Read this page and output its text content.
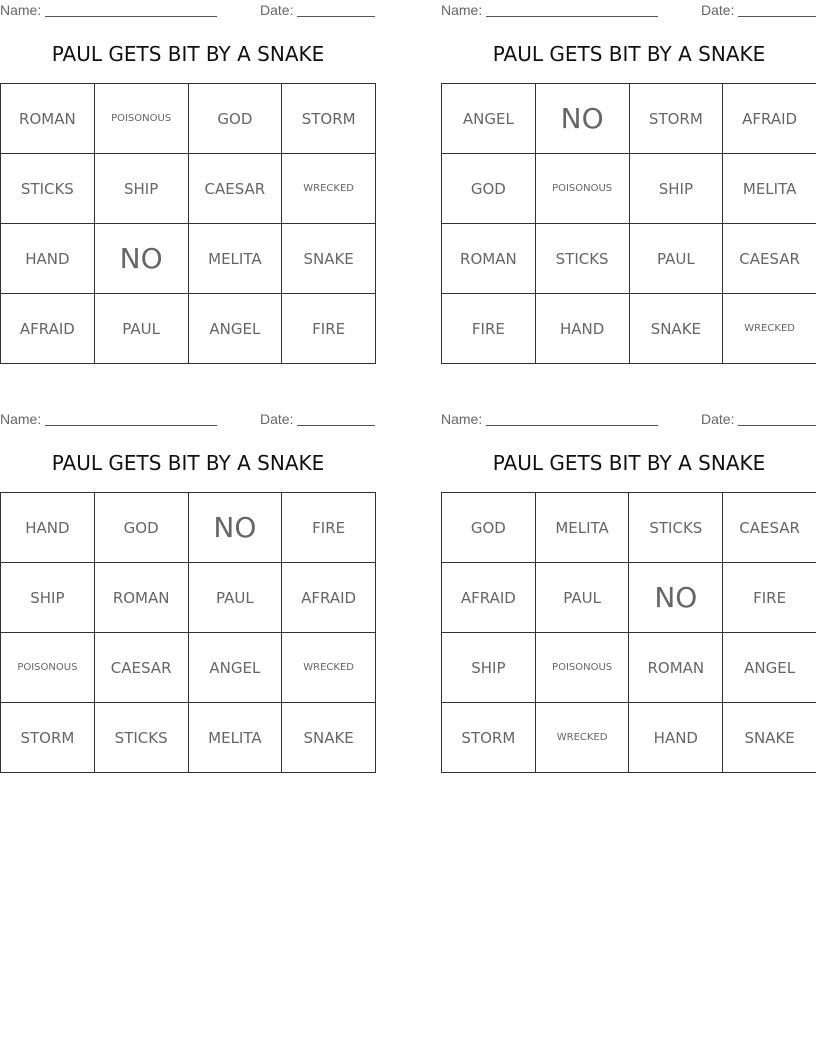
Name:	Date:
PAUL GETS BIT BY A SNAKE
ROMAN	POISONOUS	GOD	STORM
STICKS	SHIP	CAESAR	WRECKED
HAND	NO	MELITA	SNAKE
AFRAID	PAUL	ANGEL	FIRE
Name:	Date:
PAUL GETS BIT BY A SNAKE
ANGEL	NO	STORM	AFRAID
GOD	POISONOUS	SHIP	MELITA
ROMAN	STICKS	PAUL	CAESAR
FIRE	HAND	SNAKE	WRECKED
Name:	Date:
PAUL GETS BIT BY A SNAKE
HAND	GOD	NO	FIRE
SHIP	ROMAN	PAUL	AFRAID
POISONOUS	CAESAR	ANGEL	WRECKED
STORM	STICKS	MELITA	SNAKE
Name:	Date:
PAUL GETS BIT BY A SNAKE
GOD	MELITA	STICKS	CAESAR
AFRAID	PAUL	NO	FIRE
SHIP	POISONOUS	ROMAN	ANGEL
STORM	WRECKED	HAND	SNAKE
